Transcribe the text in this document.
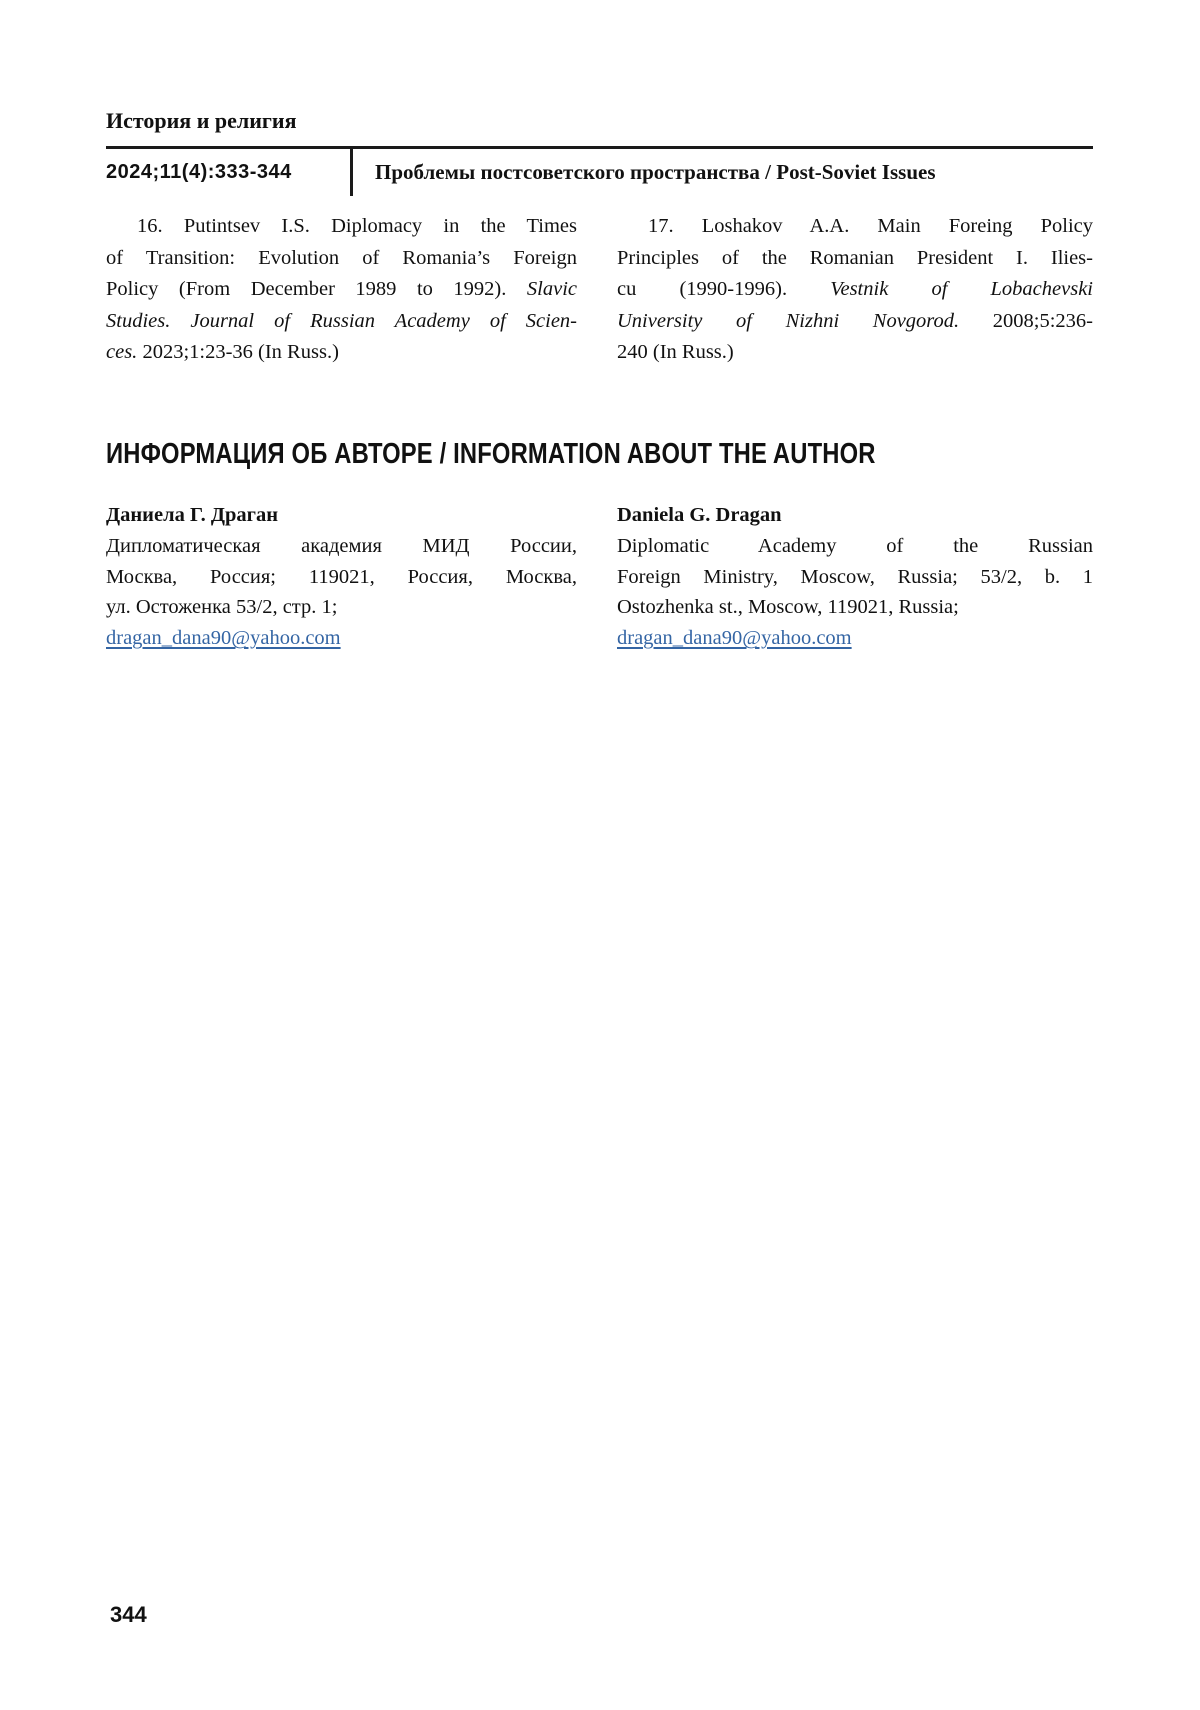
История и религия
2024;11(4):333-344	Проблемы постсоветского пространства / Post-Soviet Issues
16. Putintsev I.S. Diplomacy in the Times
of Transition: Evolution of Romania’s Foreign
Policy (From December 1989 to 1992). Slavic
Studies. Journal of Russian Academy of Scien-
ces. 2023;1:23-36 (In Russ.)
17. Loshakov A.A. Main Foreing Policy
Principles of the Romanian President I. Ilies-
cu (1990-1996). Vestnik of Lobachevski
University of Nizhni Novgorod. 2008;5:236-
240 (In Russ.)
ИНФОРМАЦИЯ ОБ АВТОРЕ / INFORMATION ABOUT THE AUTHOR
Даниела Г. Драган
Дипломатическая академия МИД России,
Москва, Россия; 119021, Россия, Москва,
ул. Остоженка 53/2, стр. 1;
dragan_dana90@yahoo.com
Daniela G. Dragan
Diplomatic Academy of the Russian
Foreign Ministry, Moscow, Russia; 53/2, b. 1
Ostozhenka st., Moscow, 119021, Russia;
dragan_dana90@yahoo.com
344
